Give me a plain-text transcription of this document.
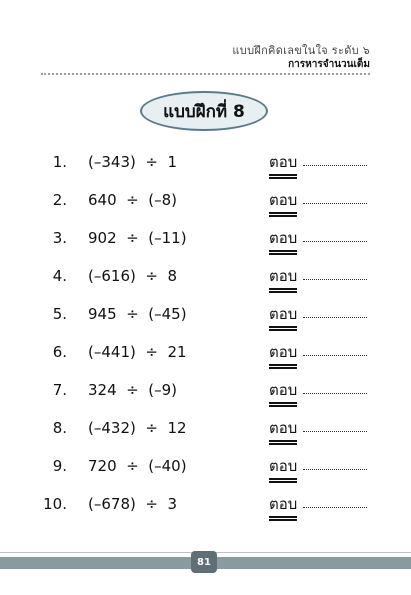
แบบฝึกคิดเลขในใจ ระดับ ๖
การหารจำนวนเต็ม
แบบฝึกที่ 8
1. (–343)  ÷  1	ตอบ
2. 640  ÷  (–8)	ตอบ
3. 902  ÷  (–11)	ตอบ
4. (–616)  ÷  8	ตอบ
5. 945  ÷  (–45)	ตอบ
6. (–441)  ÷  21	ตอบ
7. 324  ÷  (–9)	ตอบ
8. (–432)  ÷  12	ตอบ
9. 720  ÷  (–40)	ตอบ
10. (–678)  ÷  3	ตอบ
81
